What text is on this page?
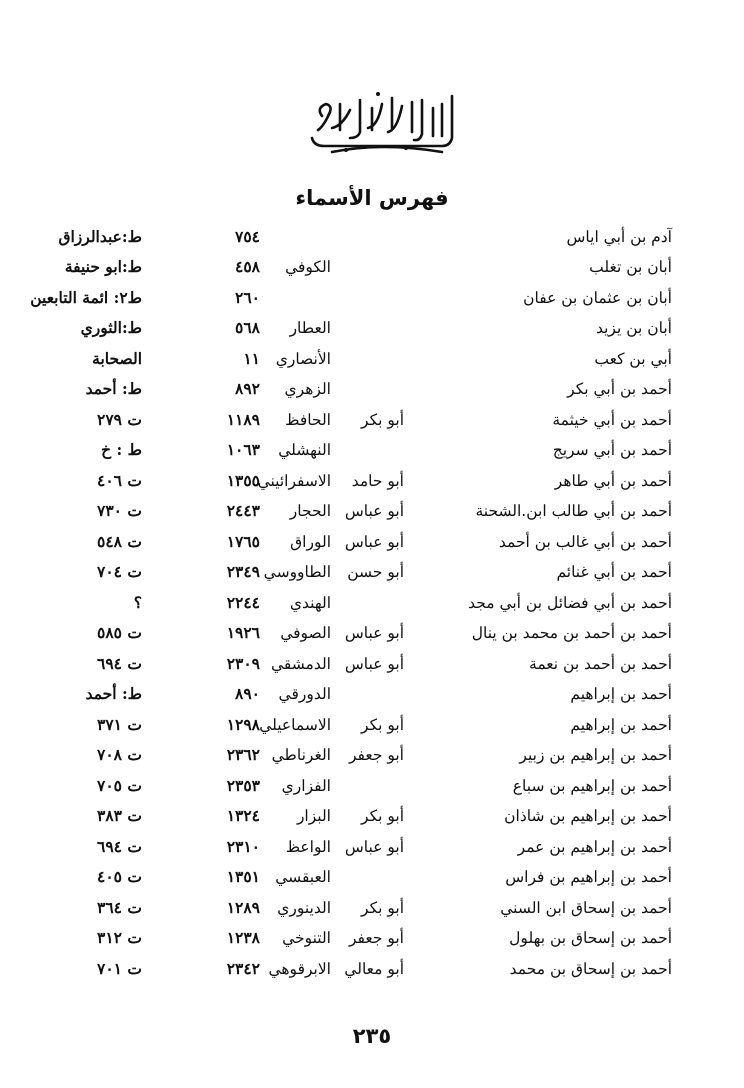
فهرس الأسماء
آدم بن أبي اياس
٧٥٤
ط:عبدالرزاق
أبان بن تغلب
الكوفي
٤٥٨
ط:ابو حنيفة
أبان بن عثمان بن عفان
٢٦٠
ط٢: ائمة التابعين
أبان بن يزيد
العطار
٥٦٨
ط:الثوري
أبي بن كعب
الأنصاري
١١
الصحابة
أحمد بن أبي بكر
الزهري
٨٩٢
ط: أحمد
أحمد بن أبي خيثمة
أبو بكر
الحافظ
١١٨٩
ت ٢٧٩
أحمد بن أبي سريج
النهشلي
١٠٦٣
ط : خ
أحمد بن أبي طاهر
أبو حامد
الاسفرائيني
١٣٥٥
ت ٤٠٦
أحمد بن أبي طالب ابن.الشحنة
أبو عباس
الحجار
٢٤٤٣
ت ٧٣٠
أحمد بن أبي غالب بن أحمد
أبو عباس
الوراق
١٧٦٥
ت ٥٤٨
أحمد بن أبي غنائم
أبو حسن
الطاووسي
٢٣٤٩
ت ٧٠٤
أحمد بن أبي فضائل بن أبي مجد
الهندي
٢٢٤٤
؟
أحمد بن أحمد بن محمد بن ينال
أبو عباس
الصوفي
١٩٢٦
ت ٥٨٥
أحمد بن أحمد بن نعمة
أبو عباس
الدمشقي
٢٣٠٩
ت ٦٩٤
أحمد بن إبراهيم
الدورقي
٨٩٠
ط: أحمد
أحمد بن إبراهيم
أبو بكر
الاسماعيلي
١٢٩٨
ت ٣٧١
أحمد بن إبراهيم بن زبير
أبو جعفر
الغرناطي
٢٣٦٢
ت ٧٠٨
أحمد بن إبراهيم بن سباع
الفزاري
٢٣٥٣
ت ٧٠٥
أحمد بن إبراهيم بن شاذان
أبو بكر
البزار
١٣٢٤
ت ٣٨٣
أحمد بن إبراهيم بن عمر
أبو عباس
الواعظ
٢٣١٠
ت ٦٩٤
أحمد بن إبراهيم بن فراس
العبقسي
١٣٥١
ت ٤٠٥
أحمد بن إسحاق ابن السني
أبو بكر
الدينوري
١٢٨٩
ت ٣٦٤
أحمد بن إسحاق بن بهلول
أبو جعفر
التنوخي
١٢٣٨
ت ٣١٢
أحمد بن إسحاق بن محمد
أبو معالي
الابرقوهي
٢٣٤٢
ت ٧٠١
٢٣٥
